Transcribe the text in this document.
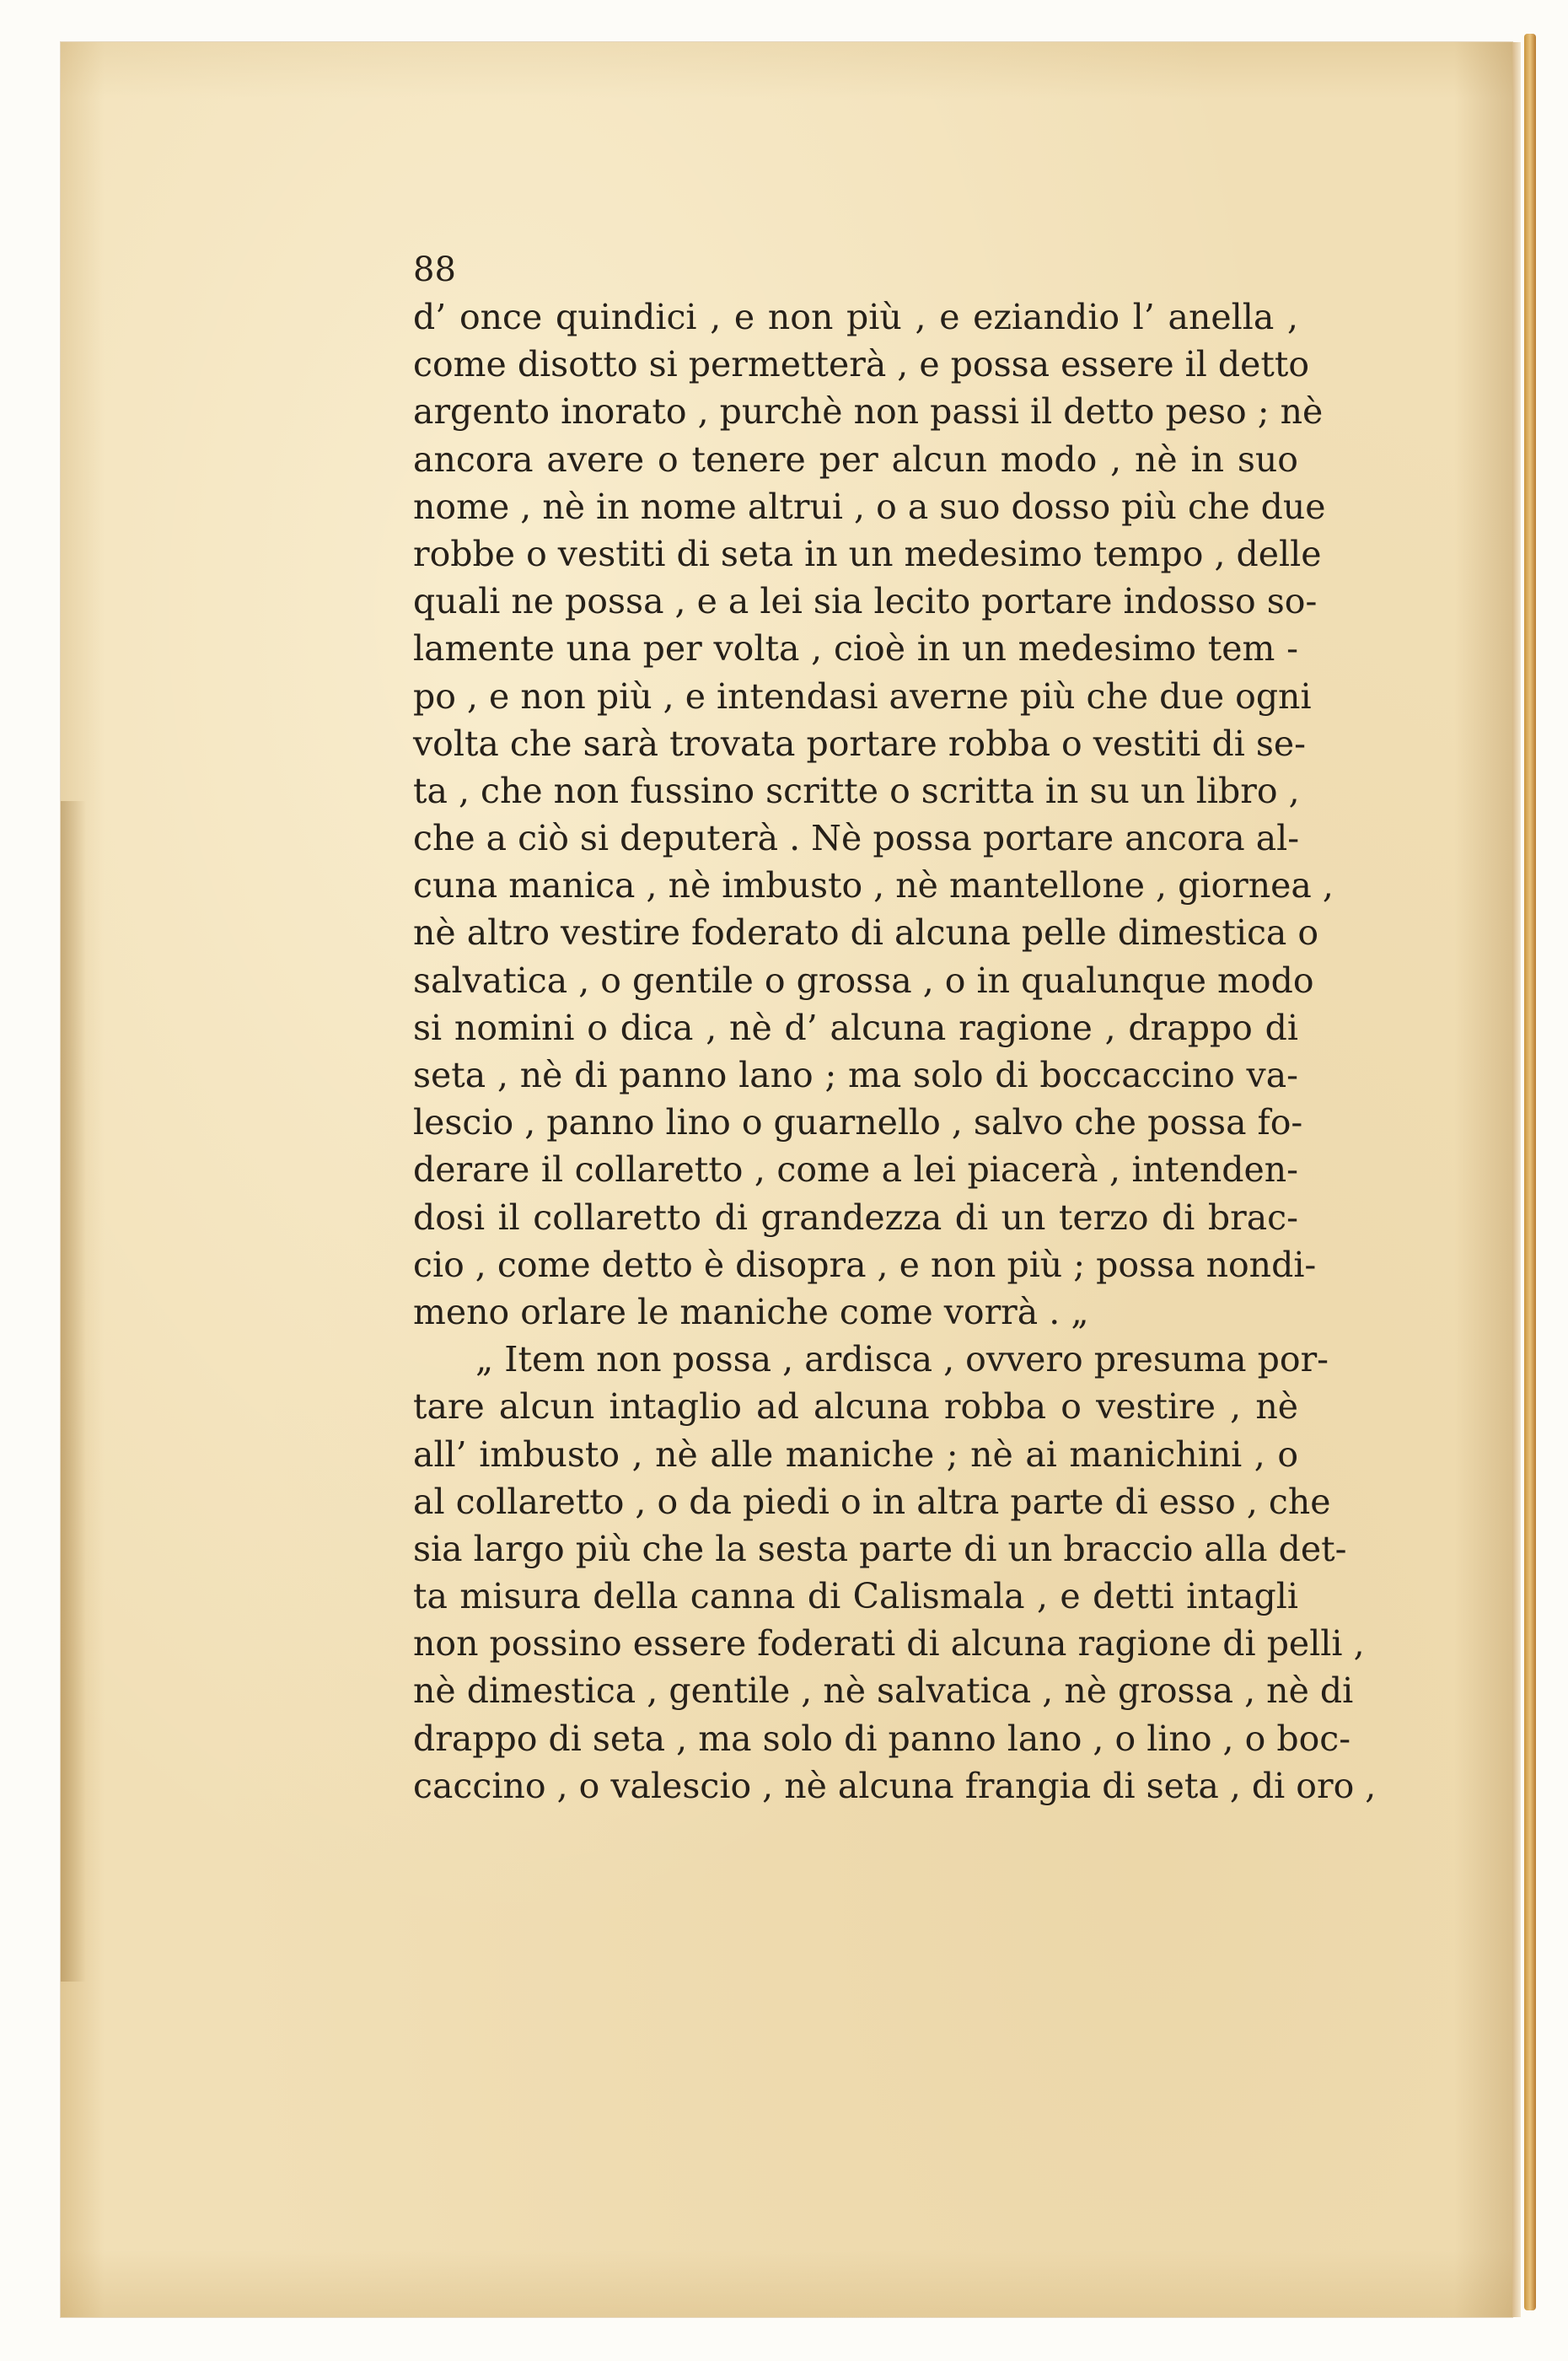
88
d’ once quindici , e non più , e eziandio l’ anella ,
come disotto si permetterà , e possa essere il detto
argento inorato , purchè non passi il detto peso ; nè
ancora avere o tenere per alcun modo , nè in suo
nome , nè in nome altrui , o a suo dosso più che due
robbe o vestiti di seta in un medesimo tempo , delle
quali ne possa , e a lei sia lecito portare indosso so-
lamente una per volta , cioè in un medesimo tem -
po , e non più , e intendasi averne più che due ogni
volta che sarà trovata portare robba o vestiti di se-
ta , che non fussino scritte o scritta in su un libro ,
che a ciò si deputerà . Nè possa portare ancora al-
cuna manica , nè imbusto , nè mantellone , giornea ,
nè altro vestire foderato di alcuna pelle dimestica o
salvatica , o gentile o grossa , o in qualunque modo
si nomini o dica , nè d’ alcuna ragione , drappo di
seta , nè di panno lano ; ma solo di boccaccino va-
lescio , panno lino o guarnello , salvo che possa fo-
derare il collaretto , come a lei piacerà , intenden-
dosi il collaretto di grandezza di un terzo di brac-
cio , come detto è disopra , e non più ; possa nondi-
meno orlare le maniche come vorrà . „
„ Item non possa , ardisca , ovvero presuma por-
tare alcun intaglio ad alcuna robba o vestire , nè
all’ imbusto , nè alle maniche ; nè ai manichini , o
al collaretto , o da piedi o in altra parte di esso , che
sia largo più che la sesta parte di un braccio alla det-
ta misura della canna di Calismala , e detti intagli
non possino essere foderati di alcuna ragione di pelli ,
nè dimestica , gentile , nè salvatica , nè grossa , nè di
drappo di seta , ma solo di panno lano , o lino , o boc-
caccino , o valescio , nè alcuna frangia di seta , di oro ,
